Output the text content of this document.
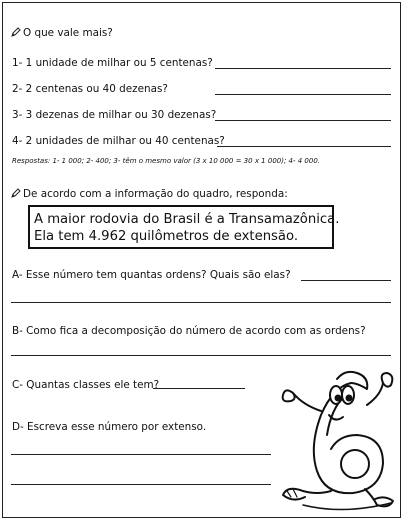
O que vale mais?
1- 1 unidade de milhar ou 5 centenas?
2- 2 centenas ou 40 dezenas?
3- 3 dezenas de milhar ou 30 dezenas?
4- 2 unidades de milhar ou 40 centenas?
Respostas: 1- 1 000; 2- 400; 3- têm o mesmo valor (3 x 10 000 = 30 x 1 000); 4- 4 000.
De acordo com a informação do quadro, responda:
A maior rodovia do Brasil é a Transamazônica.
Ela tem 4.962 quilômetros de extensão.
A- Esse número tem quantas ordens? Quais são elas?
B- Como fica a decomposição do número de acordo com as ordens?
C- Quantas classes ele tem?
D- Escreva esse número por extenso.
